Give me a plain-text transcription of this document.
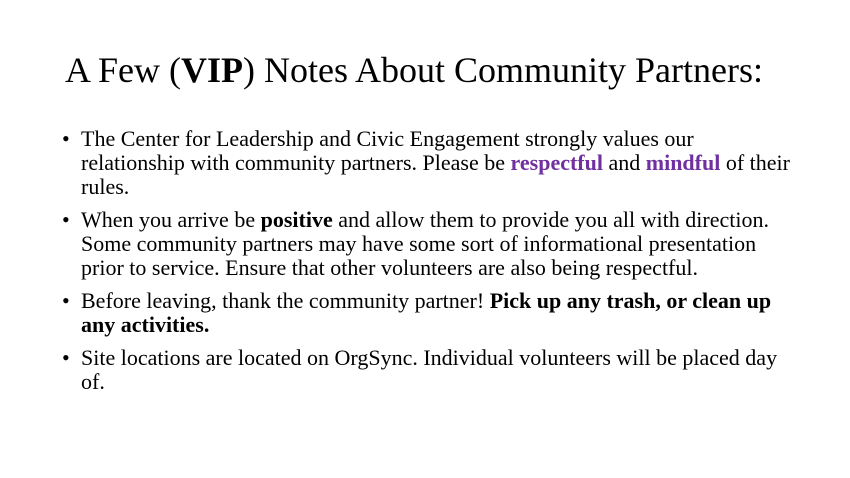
A Few (VIP) Notes About Community Partners:
• The Center for Leadership and Civic Engagement strongly values our relationship with community partners. Please be respectful and mindful of their rules.
• When you arrive be positive and allow them to provide you all with direction. Some community partners may have some sort of informational presentation prior to service. Ensure that other volunteers are also being respectful.
• Before leaving, thank the community partner! Pick up any trash, or clean up any activities.
• Site locations are located on OrgSync. Individual volunteers will be placed day of.
